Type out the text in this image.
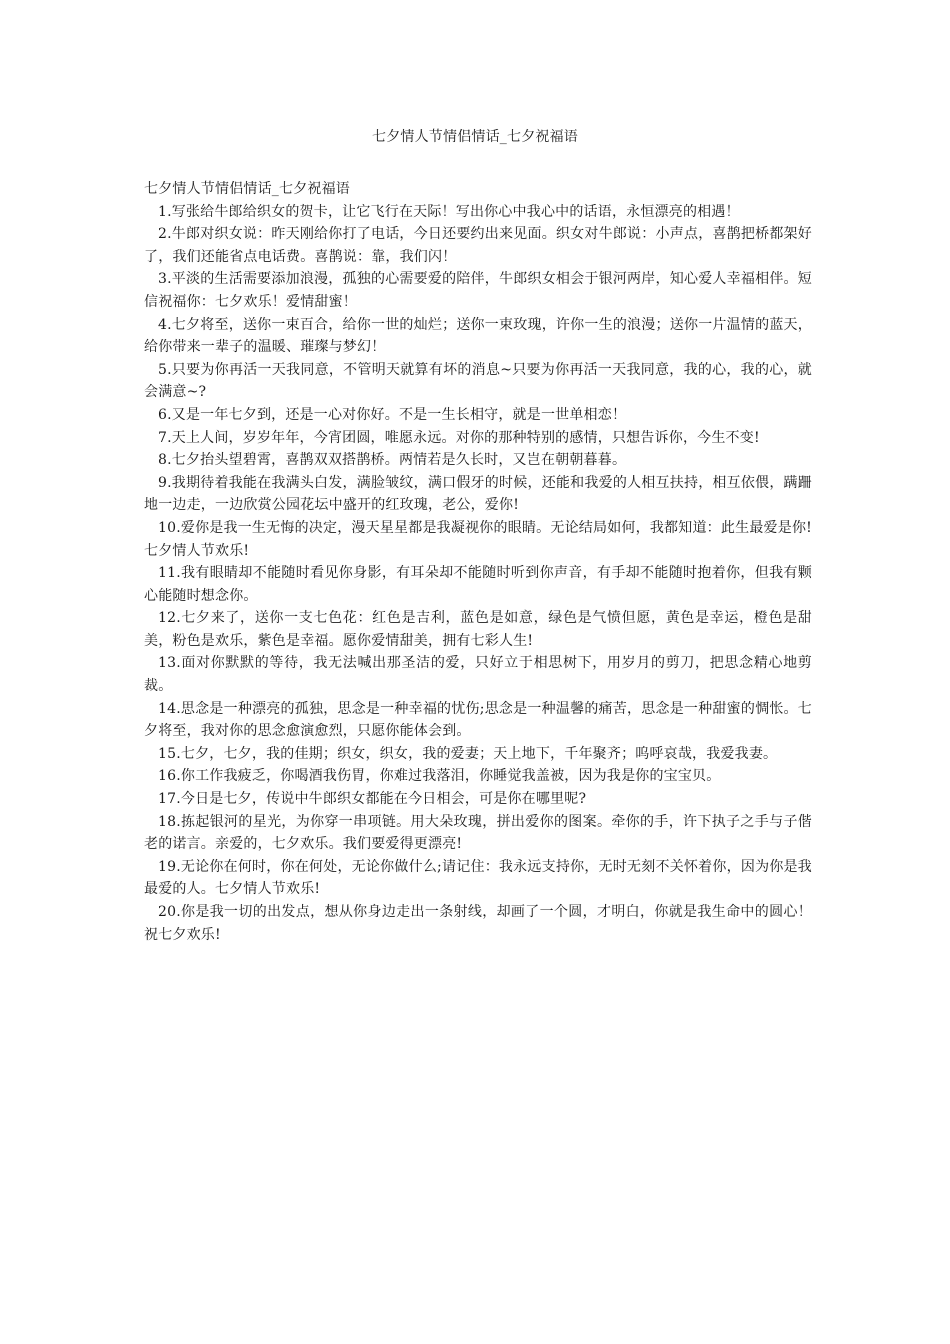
七夕情人节情侣情话_七夕祝福语

七夕情人节情侣情话_七夕祝福语

1.写张给牛郎给织女的贺卡，让它飞行在天际！写出你心中我心中的话语，永恒漂亮的相遇！

2.牛郎对织女说：昨天刚给你打了电话，今日还要约出来见面。织女对牛郎说：小声点，喜鹊把桥都架好了，我们还能省点电话费。喜鹊说：靠，我们闪！

3.平淡的生活需要添加浪漫，孤独的心需要爱的陪伴，牛郎织女相会于银河两岸，知心爱人幸福相伴。短信祝福你：七夕欢乐！爱情甜蜜！

4.七夕将至，送你一束百合，给你一世的灿烂；送你一束玫瑰，许你一生的浪漫；送你一片温情的蓝天，给你带来一辈子的温暖、璀璨与梦幻！

5.只要为你再活一天我同意，不管明天就算有坏的消息~只要为你再活一天我同意，我的心，我的心，就会满意~?

6.又是一年七夕到，还是一心对你好。不是一生长相守，就是一世单相恋！

7.天上人间，岁岁年年，今宵团圆，唯愿永远。对你的那种特别的感情，只想告诉你，今生不变!

8.七夕抬头望碧霄，喜鹊双双搭鹊桥。两情若是久长时，又岂在朝朝暮暮。

9.我期待着我能在我满头白发，满脸皱纹，满口假牙的时候，还能和我爱的人相互扶持，相互依偎，蹒跚地一边走，一边欣赏公园花坛中盛开的红玫瑰，老公，爱你!

10.爱你是我一生无悔的决定，漫天星星都是我凝视你的眼睛。无论结局如何，我都知道：此生最爱是你!七夕情人节欢乐!

11.我有眼睛却不能随时看见你身影，有耳朵却不能随时听到你声音，有手却不能随时抱着你，但我有颗心能随时想念你。

12.七夕来了，送你一支七色花：红色是吉利，蓝色是如意，绿色是气愤但愿，黄色是幸运，橙色是甜美，粉色是欢乐，紫色是幸福。愿你爱情甜美，拥有七彩人生!

13.面对你默默的等待，我无法喊出那圣洁的爱，只好立于相思树下，用岁月的剪刀，把思念精心地剪裁。

14.思念是一种漂亮的孤独，思念是一种幸福的忧伤;思念是一种温馨的痛苦，思念是一种甜蜜的惆怅。七夕将至，我对你的思念愈演愈烈，只愿你能体会到。

15.七夕，七夕，我的佳期；织女，织女，我的爱妻；天上地下，千年聚齐；呜呼哀哉，我爱我妻。

16.你工作我疲乏，你喝酒我伤胃，你难过我落泪，你睡觉我盖被，因为我是你的宝宝贝。

17.今日是七夕，传说中牛郎织女都能在今日相会，可是你在哪里呢?

18.拣起银河的星光，为你穿一串项链。用大朵玫瑰，拼出爱你的图案。牵你的手，许下执子之手与子偕老的诺言。亲爱的，七夕欢乐。我们要爱得更漂亮!

19.无论你在何时，你在何处，无论你做什么;请记住：我永远支持你，无时无刻不关怀着你，因为你是我最爱的人。七夕情人节欢乐!

20.你是我一切的出发点，想从你身边走出一条射线，却画了一个圆，才明白，你就是我生命中的圆心！祝七夕欢乐!
